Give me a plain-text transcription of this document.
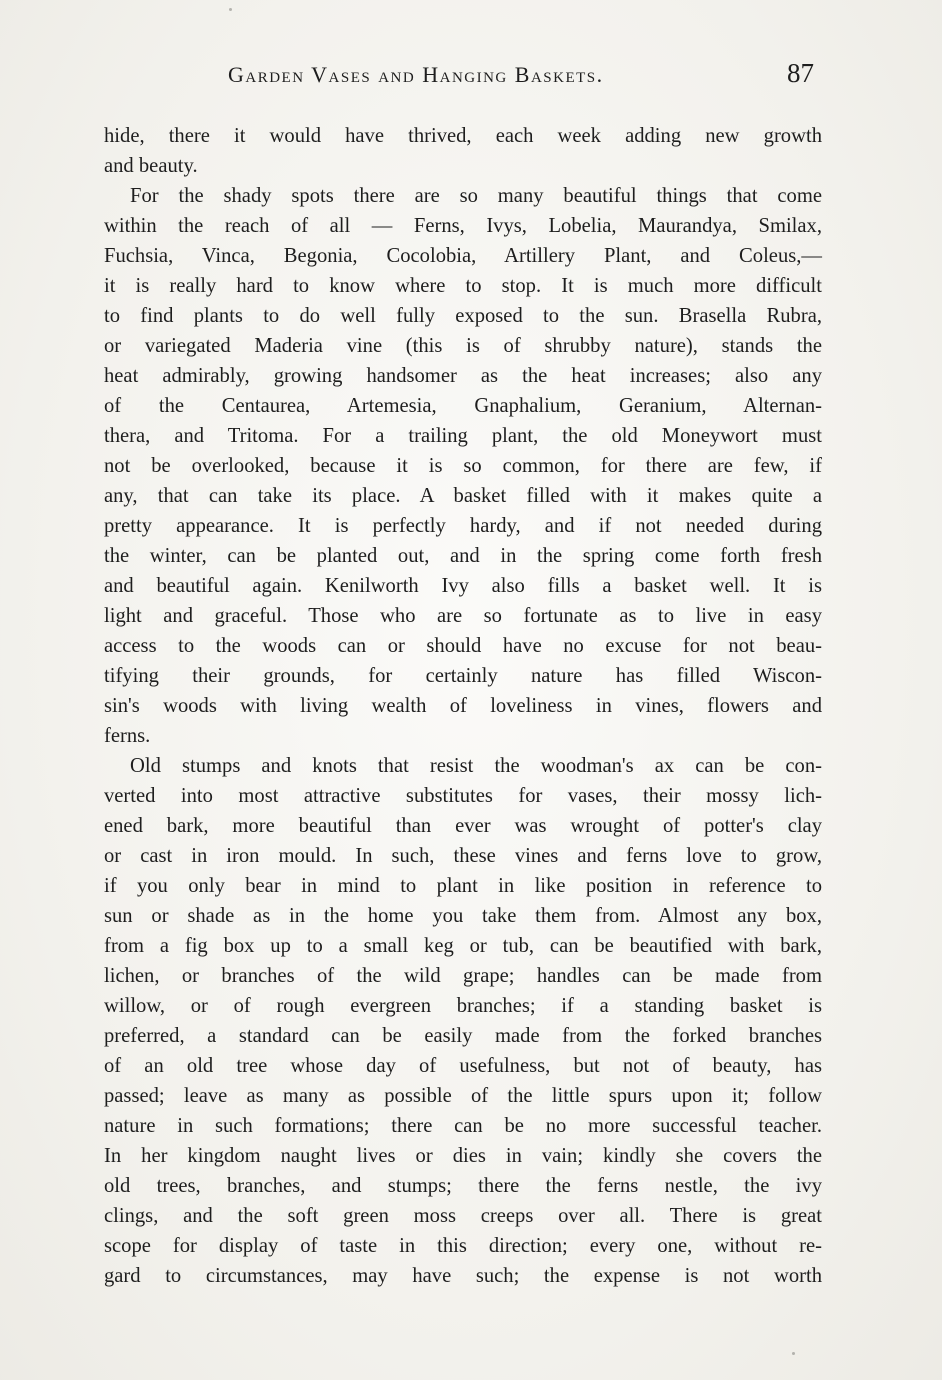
Garden Vases and Hanging Baskets.	87
hide, there it would have thrived, each week adding new growth
and beauty.
For the shady spots there are so many beautiful things that come
within the reach of all — Ferns, Ivys, Lobelia, Maurandya, Smilax,
Fuchsia, Vinca, Begonia, Cocolobia, Artillery Plant, and Coleus,—
it is really hard to know where to stop. It is much more difficult
to find plants to do well fully exposed to the sun. Brasella Rubra,
or variegated Maderia vine (this is of shrubby nature), stands the
heat admirably, growing handsomer as the heat increases; also any
of the Centaurea, Artemesia, Gnaphalium, Geranium, Alternan-
thera, and Tritoma. For a trailing plant, the old Moneywort must
not be overlooked, because it is so common, for there are few, if
any, that can take its place. A basket filled with it makes quite a
pretty appearance. It is perfectly hardy, and if not needed during
the winter, can be planted out, and in the spring come forth fresh
and beautiful again. Kenilworth Ivy also fills a basket well. It is
light and graceful. Those who are so fortunate as to live in easy
access to the woods can or should have no excuse for not beau-
tifying their grounds, for certainly nature has filled Wiscon-
sin's woods with living wealth of loveliness in vines, flowers and
ferns.
Old stumps and knots that resist the woodman's ax can be con-
verted into most attractive substitutes for vases, their mossy lich-
ened bark, more beautiful than ever was wrought of potter's clay
or cast in iron mould. In such, these vines and ferns love to grow,
if you only bear in mind to plant in like position in reference to
sun or shade as in the home you take them from. Almost any box,
from a fig box up to a small keg or tub, can be beautified with bark,
lichen, or branches of the wild grape; handles can be made from
willow, or of rough evergreen branches; if a standing basket is
preferred, a standard can be easily made from the forked branches
of an old tree whose day of usefulness, but not of beauty, has
passed; leave as many as possible of the little spurs upon it; follow
nature in such formations; there can be no more successful teacher.
In her kingdom naught lives or dies in vain; kindly she covers the
old trees, branches, and stumps; there the ferns nestle, the ivy
clings, and the soft green moss creeps over all. There is great
scope for display of taste in this direction; every one, without re-
gard to circumstances, may have such; the expense is not worth
